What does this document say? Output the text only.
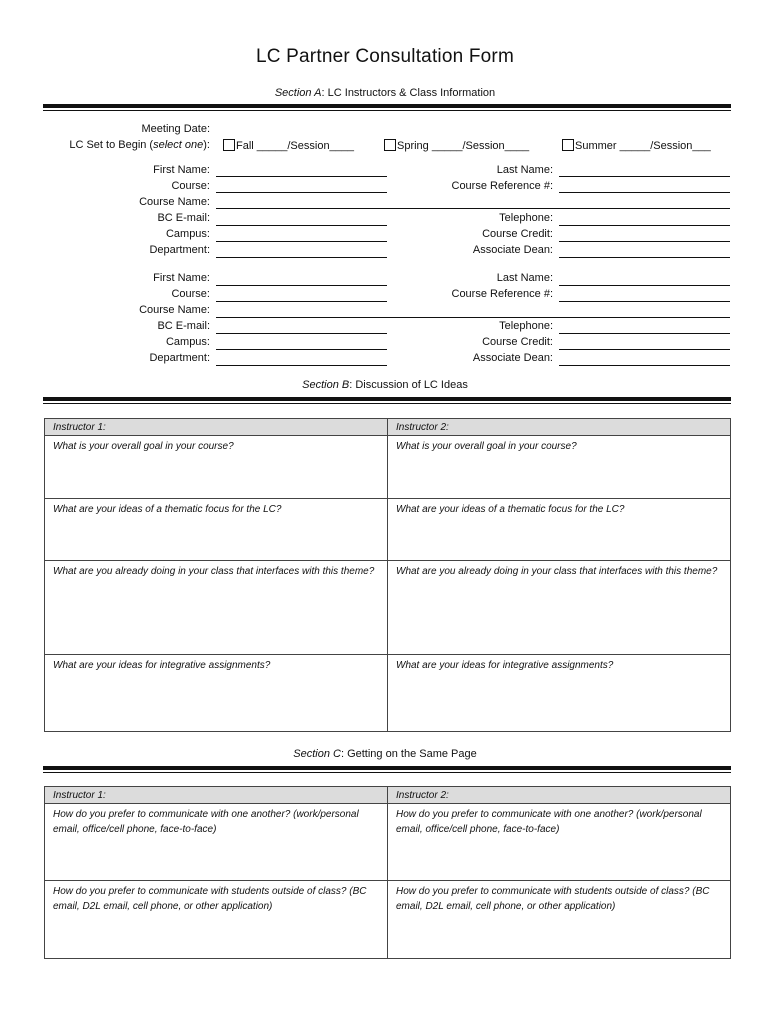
LC Partner Consultation Form
Section A: LC Instructors & Class Information
Meeting Date:
LC Set to Begin (select one):	Fall _____/Session____	Spring _____/Session____	Summer _____/Session___
First Name:	Last Name:
Course:	Course Reference #:
Course Name:
BC E-mail:	Telephone:
Campus:	Course Credit:
Department:	Associate Dean:
First Name:	Last Name:
Course:	Course Reference #:
Course Name:
BC E-mail:	Telephone:
Campus:	Course Credit:
Department:	Associate Dean:
Section B: Discussion of LC Ideas
Instructor 1:	Instructor 2:
What is your overall goal in your course?	What is your overall goal in your course?
What are your ideas of a thematic focus for the LC?	What are your ideas of a thematic focus for the LC?
What are you already doing in your class that interfaces with this theme?	What are you already doing in your class that interfaces with this theme?
What are your ideas for integrative assignments?	What are your ideas for integrative assignments?
Section C: Getting on the Same Page
Instructor 1:	Instructor 2:
How do you prefer to communicate with one another? (work/personal email, office/cell phone, face-to-face)	How do you prefer to communicate with one another? (work/personal email, office/cell phone, face-to-face)
How do you prefer to communicate with students outside of class? (BC email, D2L email, cell phone, or other application)	How do you prefer to communicate with students outside of class? (BC email, D2L email, cell phone, or other application)
